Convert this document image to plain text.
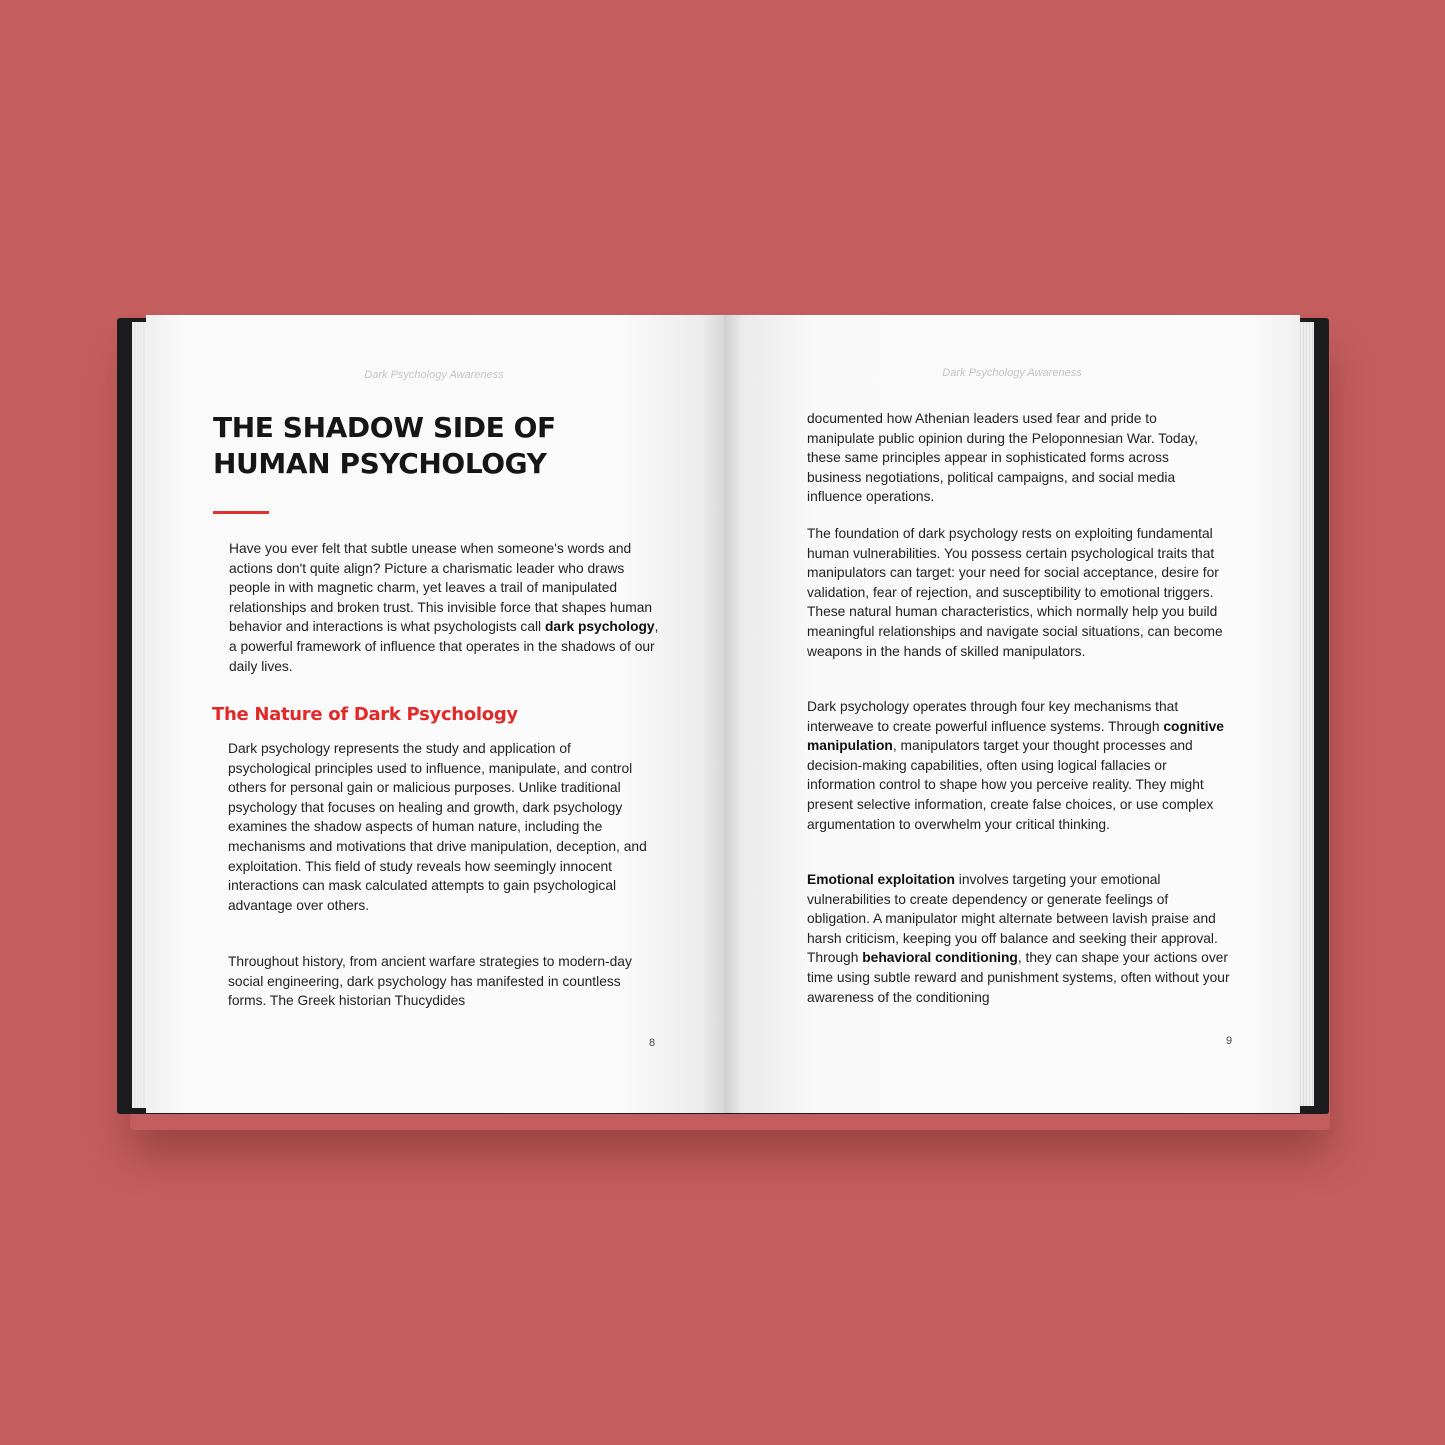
Dark Psychology Awareness
THE SHADOW SIDE OF HUMAN PSYCHOLOGY

Have you ever felt that subtle unease when someone's words and actions don't quite align? Picture a charismatic leader who draws people in with magnetic charm, yet leaves a trail of manipulated relationships and broken trust. This invisible force that shapes human behavior and interactions is what psychologists call dark psychology, a powerful framework of influence that operates in the shadows of our daily lives.

The Nature of Dark Psychology

Dark psychology represents the study and application of psychological principles used to influence, manipulate, and control others for personal gain or malicious purposes. Unlike traditional psychology that focuses on healing and growth, dark psychology examines the shadow aspects of human nature, including the mechanisms and motivations that drive manipulation, deception, and exploitation. This field of study reveals how seemingly innocent interactions can mask calculated attempts to gain psychological advantage over others.

Throughout history, from ancient warfare strategies to modern-day social engineering, dark psychology has manifested in countless forms. The Greek historian Thucydides

8
Dark Psychology Awareness

documented how Athenian leaders used fear and pride to manipulate public opinion during the Peloponnesian War. Today, these same principles appear in sophisticated forms across business negotiations, political campaigns, and social media influence operations.

The foundation of dark psychology rests on exploiting fundamental human vulnerabilities. You possess certain psychological traits that manipulators can target: your need for social acceptance, desire for validation, fear of rejection, and susceptibility to emotional triggers. These natural human characteristics, which normally help you build meaningful relationships and navigate social situations, can become weapons in the hands of skilled manipulators.

Dark psychology operates through four key mechanisms that interweave to create powerful influence systems. Through cognitive manipulation, manipulators target your thought processes and decision-making capabilities, often using logical fallacies or information control to shape how you perceive reality. They might present selective information, create false choices, or use complex argumentation to overwhelm your critical thinking.

Emotional exploitation involves targeting your emotional vulnerabilities to create dependency or generate feelings of obligation. A manipulator might alternate between lavish praise and harsh criticism, keeping you off balance and seeking their approval. Through behavioral conditioning, they can shape your actions over time using subtle reward and punishment systems, often without your awareness of the conditioning

9
